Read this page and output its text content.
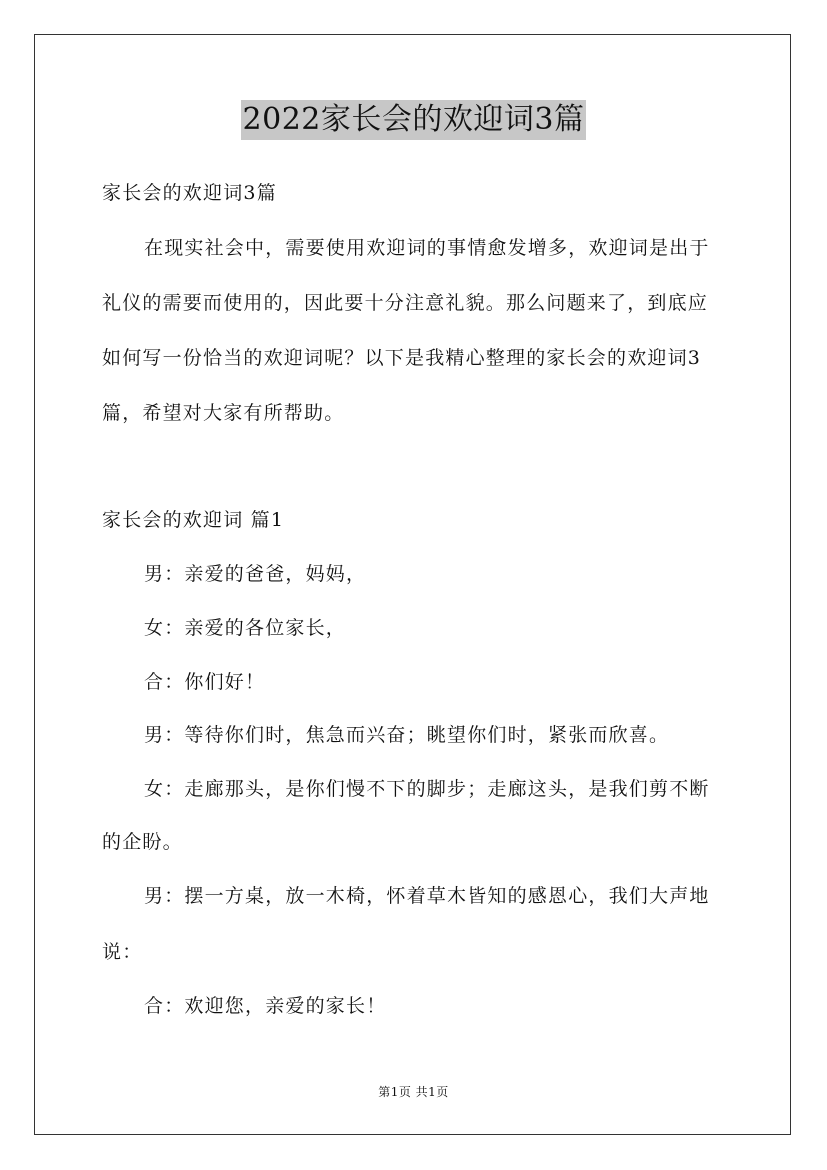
2022家长会的欢迎词3篇
家长会的欢迎词3篇
在现实社会中，需要使用欢迎词的事情愈发增多，欢迎词是出于
礼仪的需要而使用的，因此要十分注意礼貌。那么问题来了，到底应
如何写一份恰当的欢迎词呢？以下是我精心整理的家长会的欢迎词3
篇，希望对大家有所帮助。
家长会的欢迎词 篇1
男：亲爱的爸爸，妈妈，
女：亲爱的各位家长，
合：你们好！
男：等待你们时，焦急而兴奋；眺望你们时，紧张而欣喜。
女：走廊那头，是你们慢不下的脚步；走廊这头，是我们剪不断
的企盼。
男：摆一方桌，放一木椅，怀着草木皆知的感恩心，我们大声地
说：
合：欢迎您，亲爱的家长！
第1页 共1页
